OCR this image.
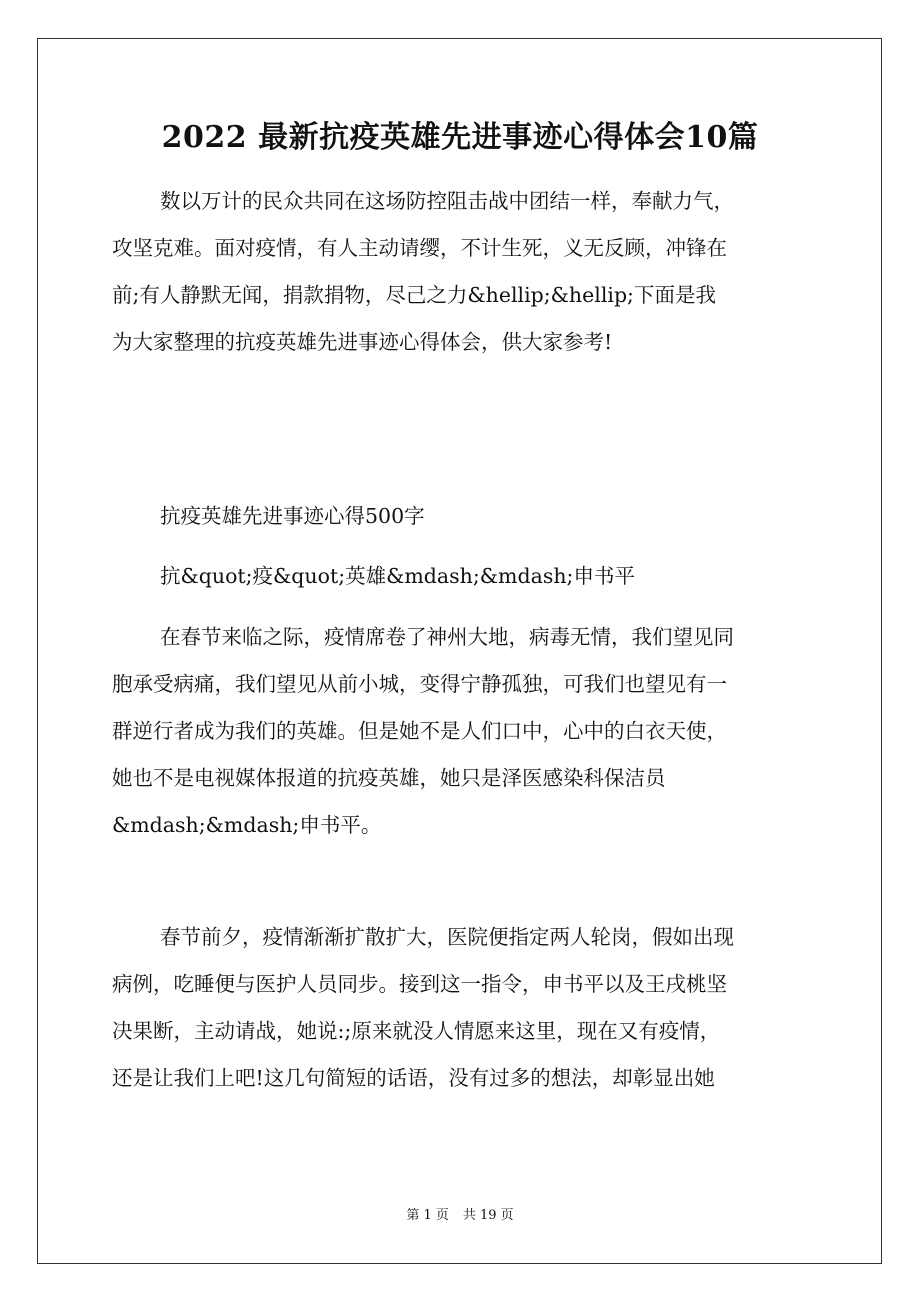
2022 最新抗疫英雄先进事迹心得体会10篇
数以万计的民众共同在这场防控阻击战中团结一样，奉献力气，
攻坚克难。面对疫情，有人主动请缨，不计生死，义无反顾，冲锋在
前;有人静默无闻，捐款捐物，尽己之力&hellip;&hellip;下面是我
为大家整理的抗疫英雄先进事迹心得体会，供大家参考!
抗疫英雄先进事迹心得500字
抗&quot;疫&quot;英雄&mdash;&mdash;申书平
在春节来临之际，疫情席卷了神州大地，病毒无情，我们望见同
胞承受病痛，我们望见从前小城，变得宁静孤独，可我们也望见有一
群逆行者成为我们的英雄。但是她不是人们口中，心中的白衣天使，
她也不是电视媒体报道的抗疫英雄，她只是泽医感染科保洁员
&mdash;&mdash;申书平。
春节前夕，疫情渐渐扩散扩大，医院便指定两人轮岗，假如出现
病例，吃睡便与医护人员同步。接到这一指令，申书平以及王戌桃坚
决果断，主动请战，她说:;原来就没人情愿来这里，现在又有疫情，
还是让我们上吧!这几句简短的话语，没有过多的想法，却彰显出她
第 1 页 共 19 页
